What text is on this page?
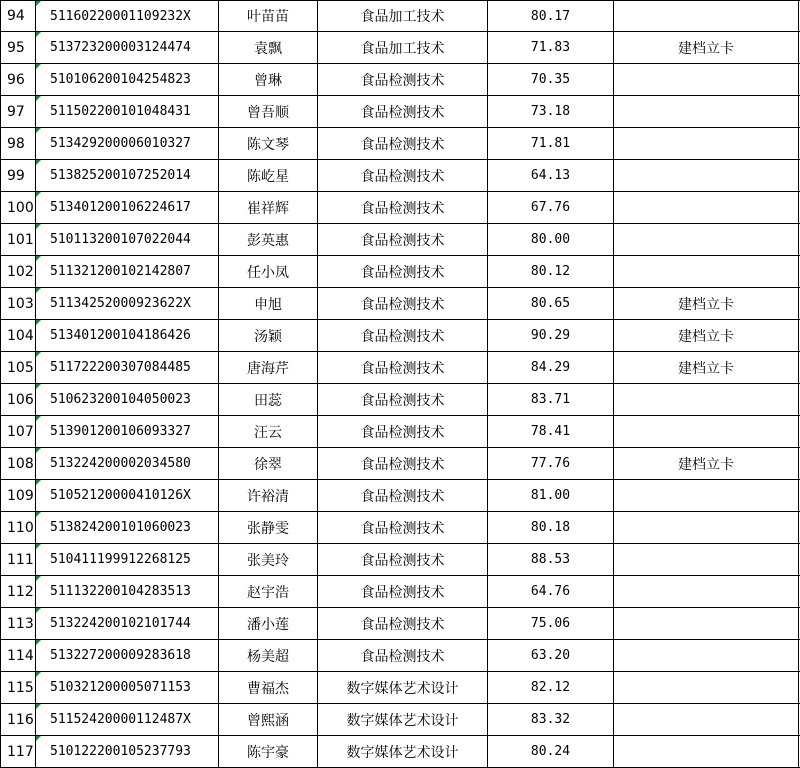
94	51160220001109232X	叶苗苗	食品加工技术	80.17		
95	513723200003124474	袁飘	食品加工技术	71.83	建档立卡	
96	510106200104254823	曾琳	食品检测技术	70.35		
97	511502200101048431	曾吾顺	食品检测技术	73.18		
98	513429200006010327	陈文琴	食品检测技术	71.81		
99	513825200107252014	陈屹星	食品检测技术	64.13		
100	513401200106224617	崔祥辉	食品检测技术	67.76		
101	510113200107022044	彭英惠	食品检测技术	80.00		
102	511321200102142807	任小凤	食品检测技术	80.12		
103	51134252000923622X	申旭	食品检测技术	80.65	建档立卡	
104	513401200104186426	汤颖	食品检测技术	90.29	建档立卡	
105	511722200307084485	唐海芹	食品检测技术	84.29	建档立卡	
106	510623200104050023	田蕊	食品检测技术	83.71		
107	513901200106093327	汪云	食品检测技术	78.41		
108	513224200002034580	徐翠	食品检测技术	77.76	建档立卡	
109	51052120000410126X	许裕清	食品检测技术	81.00		
110	513824200101060023	张静雯	食品检测技术	80.18		
111	510411199912268125	张美玲	食品检测技术	88.53		
112	511132200104283513	赵宇浩	食品检测技术	64.76		
113	513224200102101744	潘小莲	食品检测技术	75.06		
114	513227200009283618	杨美超	食品检测技术	63.20		
115	510321200005071153	曹福杰	数字媒体艺术设计	82.12		
116	51152420000112487X	曾熙涵	数字媒体艺术设计	83.32		
117	510122200105237793	陈宇豪	数字媒体艺术设计	80.24		
